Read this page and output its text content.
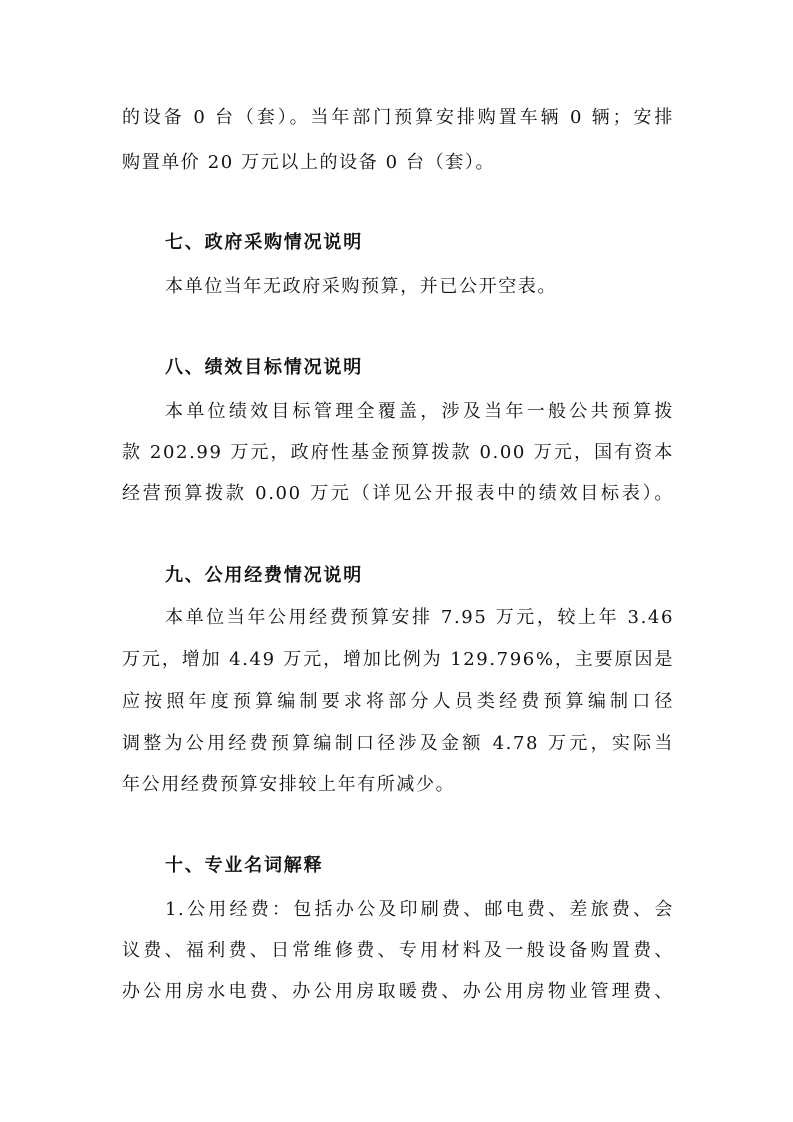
的设备 0 台（套）。当年部门预算安排购置车辆 0 辆；安排
购置单价 20 万元以上的设备 0 台（套）。
七、政府采购情况说明
本单位当年无政府采购预算，并已公开空表。
八、绩效目标情况说明
本单位绩效目标管理全覆盖，涉及当年一般公共预算拨
款 202.99 万元，政府性基金预算拨款 0.00 万元，国有资本
经营预算拨款 0.00 万元（详见公开报表中的绩效目标表）。
九、公用经费情况说明
本单位当年公用经费预算安排 7.95 万元，较上年 3.46
万元，增加 4.49 万元，增加比例为 129.796%，主要原因是
应按照年度预算编制要求将部分人员类经费预算编制口径
调整为公用经费预算编制口径涉及金额 4.78 万元，实际当
年公用经费预算安排较上年有所减少。
十、专业名词解释
1.公用经费：包括办公及印刷费、邮电费、差旅费、会
议费、福利费、日常维修费、专用材料及一般设备购置费、
办公用房水电费、办公用房取暖费、办公用房物业管理费、
